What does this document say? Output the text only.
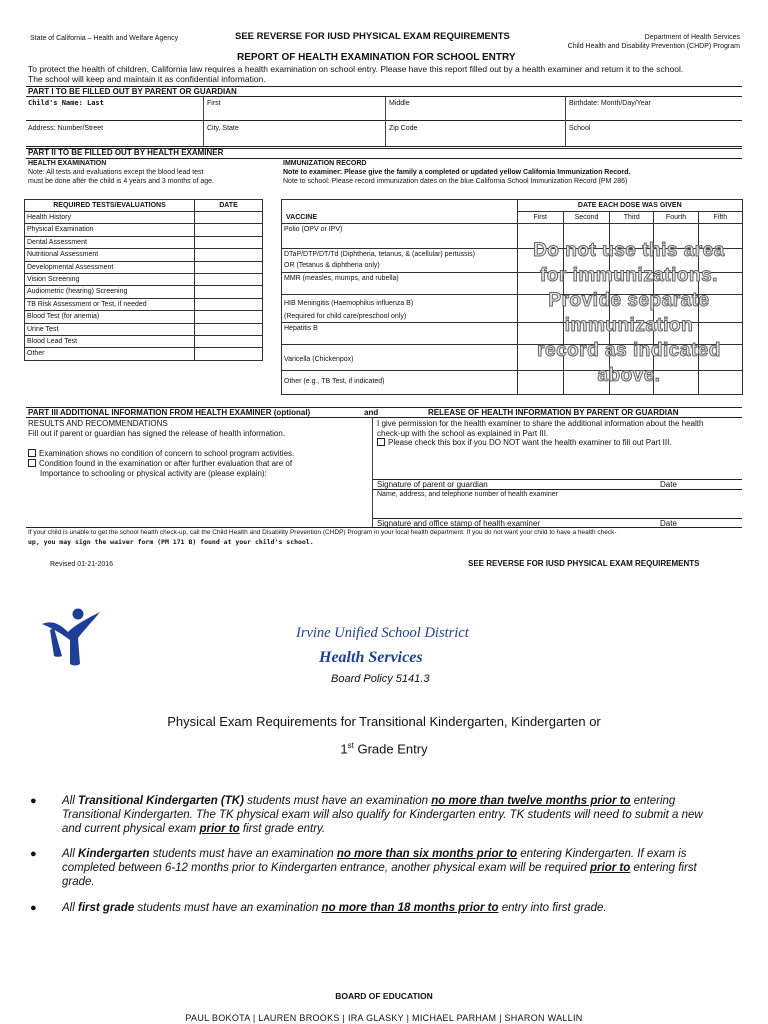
State of California – Health and Welfare Agency	SEE REVERSE FOR IUSD PHYSICAL EXAM REQUIREMENTS	Department of Health Services
Child Health and Disability Prevention (CHDP) Program
REPORT OF HEALTH EXAMINATION FOR SCHOOL ENTRY
To protect the health of children, California law requires a health examination on school entry. Please have this report filled out by a health examiner and return it to the school.
The school will keep and maintain it as confidential information.
PART I TO BE FILLED OUT BY PARENT OR GUARDIAN
Child's Name: Last	First	Middle	Birthdate: Month/Day/Year
Address: Number/Street	City, State	Zip Code	School
PART II TO BE FILLED OUT BY HEALTH EXAMINER
HEALTH EXAMINATION
Note: All tests and evaluations except the blood lead test
must be done after the child is 4 years and 3 months of age.
IMMUNIZATION RECORD
Note to examiner: Please give the family a completed or updated yellow California Immunization Record.
Note to school: Please record immunization dates on the blue California School Immunization Record (PM 286)
REQUIRED TESTS/EVALUATIONS	DATE
Health History	
Physical Examination	
Dental Assessment	
Nutritional Assessment	
Developmental Assessment	
Vision Screening	
Audiometric (hearing) Screening	
TB Risk Assessment or Test, if needed	
Blood Test (for anemia)	
Urine Test	
Blood Lead Test	
Other	
VACCINE	DATE EACH DOSE WAS GIVEN				
	First	Second	Third	Fourth	Fifth
Polio (OPV or IPV)					

DTaP/DTP/DT/Td (Diphtheria, tetanus, & (acellular) pertussis)
OR (Tetanus & diphtheria only)					

MMR (measles, mumps, and rubella)					

HIB Meningitis (Haemophilus influenza B)
(Required for child care/preschool only)					

Hepatitis B					
Varicella (Chickenpox)					
Other (e.g., TB Test, if indicated)					
Do not use this area
for immunizations.
Provide separate
immunization
record as indicated
above.
PART III ADDITIONAL INFORMATION FROM HEALTH EXAMINER (optional)	and	RELEASE OF HEALTH INFORMATION BY PARENT OR GUARDIAN
RESULTS AND RECOMMENDATIONS
Fill out if parent or guardian has signed the release of health information.
Examination shows no condition of concern to school program activities.
Condition found in the examination or after further evaluation that are of
Importance to schooling or physical activity are (please explain):
I give permission for the health examiner to share the additional information about the health
check-up with the school as explained in Part III.
Please check this box if you DO NOT want the health examiner to fill out Part III.
Signature of parent or guardian	Date
Name, address, and telephone number of health examiner
Signature and office stamp of health examiner	Date
If your child is unable to get the school health check-up, call the Child Health and Disability Prevention (CHDP) Program in your local health department. If you do not want your child to have a health check-
up, you may sign the waiver form (PM 171 B) found at your child's school.
Revised 01-21-2016	SEE REVERSE FOR IUSD PHYSICAL EXAM REQUIREMENTS
Irvine Unified School District
Health Services
Board Policy 5141.3
Physical Exam Requirements for Transitional Kindergarten, Kindergarten or
1st Grade Entry
● All Transitional Kindergarten (TK) students must have an examination no more than twelve months prior to entering
Transitional Kindergarten. The TK physical exam will also qualify for Kindergarten entry. TK students will need to submit a new
and current physical exam prior to first grade entry.
● All Kindergarten students must have an examination no more than six months prior to entering Kindergarten. If exam is
completed between 6-12 months prior to Kindergarten entrance, another physical exam will be required prior to entering first
grade.
● All first grade students must have an examination no more than 18 months prior to entry into first grade.
BOARD OF EDUCATION
PAUL BOKOTA | LAUREN BROOKS | IRA GLASKY | MICHAEL PARHAM | SHARON WALLIN
